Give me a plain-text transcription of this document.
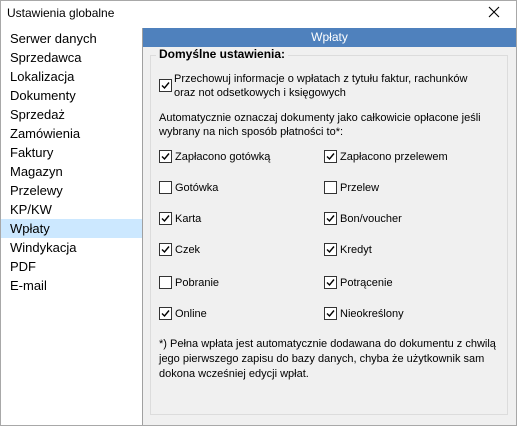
Ustawienia globalne
Serwer danych
Sprzedawca
Lokalizacja
Dokumenty
Sprzedaż
Zamówienia
Faktury
Magazyn
Przelewy
KP/KW
Wpłaty
Windykacja
PDF
E-mail
Wpłaty
Domyślne ustawienia:
Przechowuj informacje o wpłatach z tytułu faktur, rachunków
oraz not odsetkowych i księgowych
Automatycznie oznaczaj dokumenty jako całkowicie opłacone jeśli
wybrany na nich sposób płatności to*:
Zapłacono gotówką	Zapłacono przelewem
Gotówka	Przelew
Karta	Bon/voucher
Czek	Kredyt
Pobranie	Potrącenie
Online	Nieokreślony
*) Pełna wpłata jest automatycznie dodawana do dokumentu z chwilą
jego pierwszego zapisu do bazy danych, chyba że użytkownik sam
dokona wcześniej edycji wpłat.
